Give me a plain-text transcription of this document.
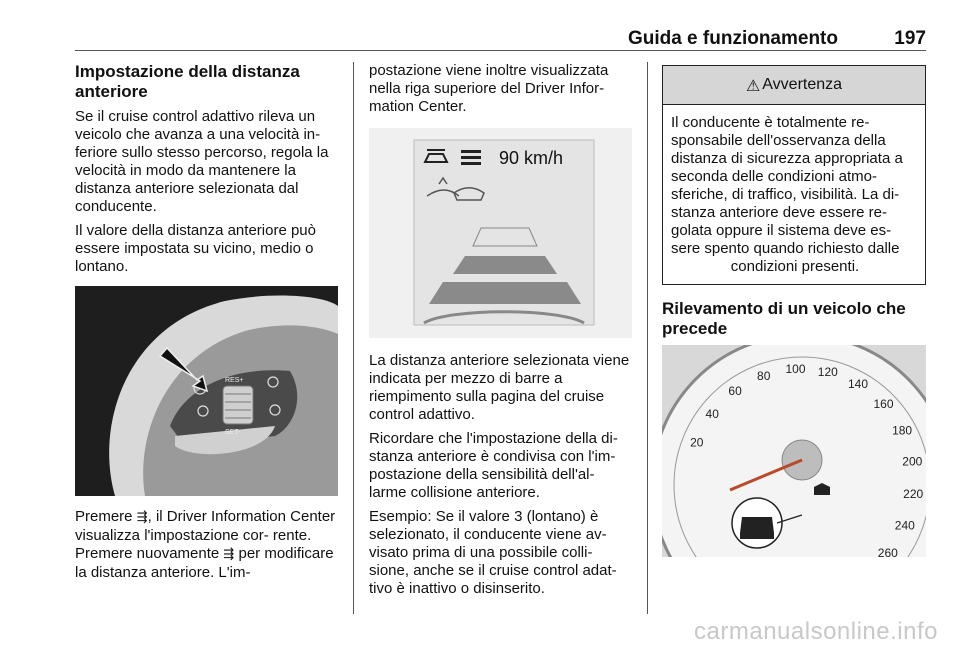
Guida e funzionamento	197
Impostazione della distanza anteriore

Se il cruise control adattivo rileva un veicolo che avanza a una velocità in- feriore sullo stesso percorso, regola la velocità in modo da mantenere la distanza anteriore selezionata dal conducente.

Il valore della distanza anteriore può essere impostata su vicino, medio o lontano.

RES+
SET-

Premere ⇶, il Driver Information Center visualizza l'impostazione cor- rente. Premere nuovamente ⇶ per modificare la distanza anteriore. L'im-

postazione viene inoltre visualizzata nella riga superiore del Driver Infor- mation Center.

90 km/h

La distanza anteriore selezionata viene indicata per mezzo di barre a riempimento sulla pagina del cruise control adattivo.

Ricordare che l'impostazione della di- stanza anteriore è condivisa con l'im- postazione della sensibilità dell'al- larme collisione anteriore.

Esempio: Se il valore 3 (lontano) è selezionato, il conducente viene av- visato prima di una possibile colli- sione, anche se il cruise control adat- tivo è inattivo o disinserito.

⚠ Avvertenza
Il conducente è totalmente re- sponsabile dell'osservanza della distanza di sicurezza appropriata a seconda delle condizioni atmo- sferiche, di traffico, visibilità. La di- stanza anteriore deve essere re- golata oppure il sistema deve es- sere spento quando richiesto dalle
condizioni presenti.
Rilevamento di un veicolo che precede
20
40
60
80 100 120
140
160
180
200
220
240
260
carmanualsonline.info
